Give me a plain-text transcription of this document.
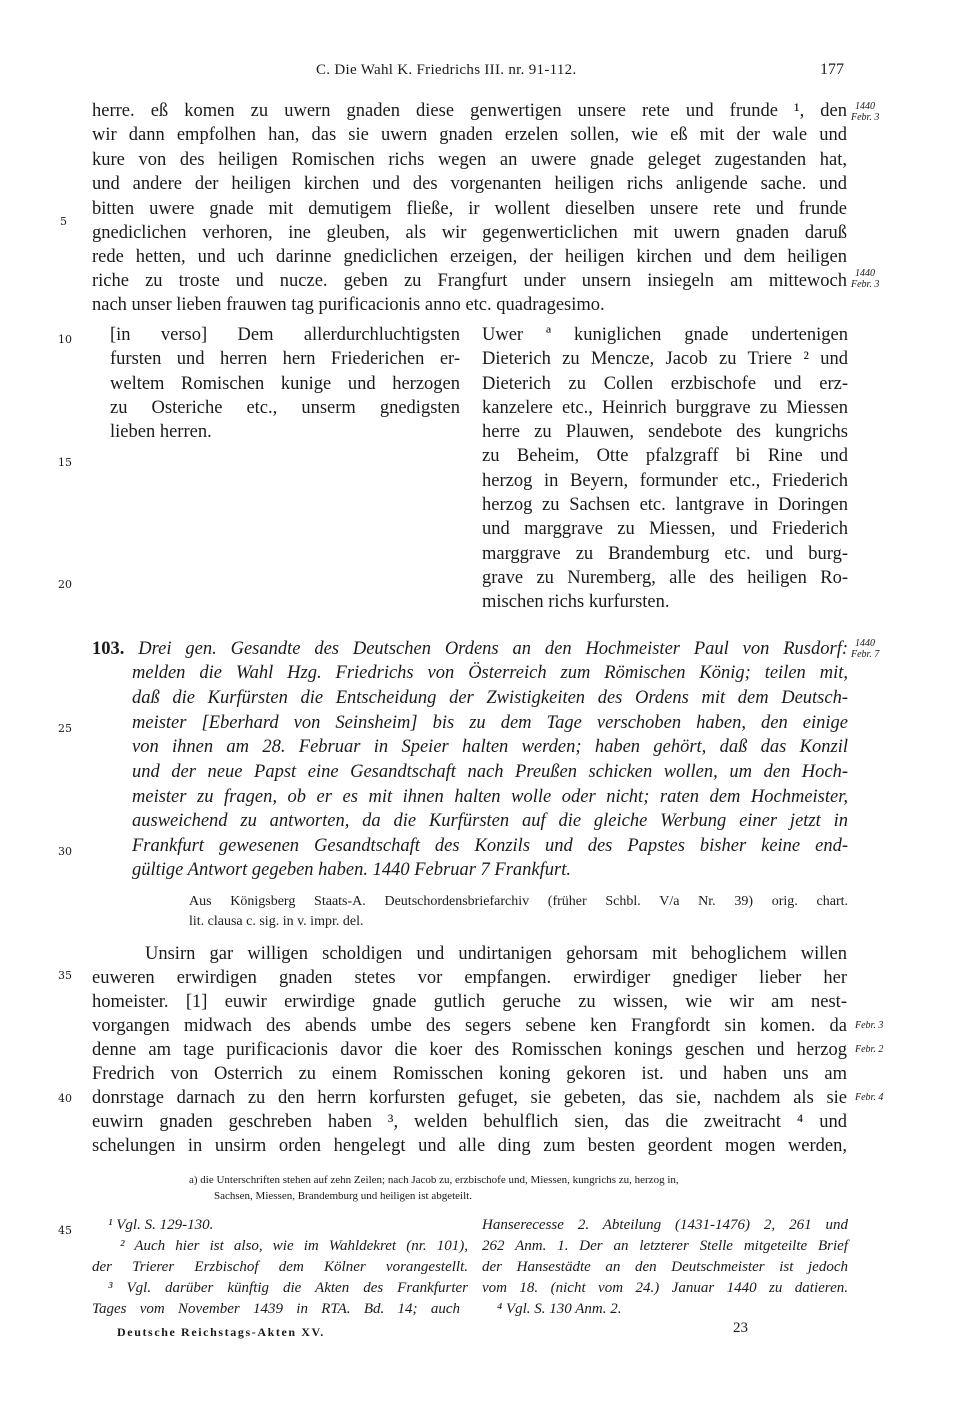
C. Die Wahl K. Friedrichs III. nr. 91-112.	177
1440
Febr. 3
1440
Febr. 3
1440
Febr. 7
Febr. 3
Febr. 2
Febr. 4
5
10
15
20
25
30
35
40
45
herre. eß komen zu uwern gnaden diese genwertigen unsere rete und frunde ¹, den
wir dann empfolhen han, das sie uwern gnaden erzelen sollen, wie eß mit der wale und
kure von des heiligen Romischen richs wegen an uwere gnade geleget zugestanden hat,
und andere der heiligen kirchen und des vorgenanten heiligen richs anligende sache. und
bitten uwere gnade mit demutigem fließe, ir wollent dieselben unsere rete und frunde
gnediclichen verhoren, ine gleuben, als wir gegenwerticlichen mit uwern gnaden daruß
rede hetten, und uch darinne gnediclichen erzeigen, der heiligen kirchen und dem heiligen
riche zu troste und nucze. geben zu Frangfurt under unsern insiegeln am mittewoch
nach unser lieben frauwen tag purificacionis anno etc. quadragesimo.
[in verso] Dem allerdurchluchtigsten
fursten und herren hern Friederichen er-
weltem Romischen kunige und herzogen
zu Osteriche etc., unserm gnedigsten
lieben herren.
Uwer ª kuniglichen gnade undertenigen
Dieterich zu Mencze, Jacob zu Triere ² und
Dieterich zu Collen erzbischofe und erz-
kanzelere etc., Heinrich burggrave zu Miessen
herre zu Plauwen, sendebote des kungrichs
zu Beheim, Otte pfalzgraff bi Rine und
herzog in Beyern, formunder etc., Friederich
herzog zu Sachsen etc. lantgrave in Doringen
und marggrave zu Miessen, und Friederich
marggrave zu Brandemburg etc. und burg-
grave zu Nuremberg, alle des heiligen Ro-
mischen richs kurfursten.
103. Drei gen. Gesandte des Deutschen Ordens an den Hochmeister Paul von Rusdorf:
melden die Wahl Hzg. Friedrichs von Österreich zum Römischen König; teilen mit,
daß die Kurfürsten die Entscheidung der Zwistigkeiten des Ordens mit dem Deutsch-
meister [Eberhard von Seinsheim] bis zu dem Tage verschoben haben, den einige
von ihnen am 28. Februar in Speier halten werden; haben gehört, daß das Konzil
und der neue Papst eine Gesandtschaft nach Preußen schicken wollen, um den Hoch-
meister zu fragen, ob er es mit ihnen halten wolle oder nicht; raten dem Hochmeister,
ausweichend zu antworten, da die Kurfürsten auf die gleiche Werbung einer jetzt in
Frankfurt gewesenen Gesandtschaft des Konzils und des Papstes bisher keine end-
gültige Antwort gegeben haben. 1440 Februar 7 Frankfurt.
Aus Königsberg Staats-A. Deutschordensbriefarchiv (früher Schbl. V/a Nr. 39) orig. chart.
lit. clausa c. sig. in v. impr. del.
Unsirn gar willigen scholdigen und undirtanigen gehorsam mit behoglichem willen
euweren erwirdigen gnaden stetes vor empfangen. erwirdiger gnediger lieber her
homeister. [1] euwir erwirdige gnade gutlich geruche zu wissen, wie wir am nest-
vorgangen midwach des abends umbe des segers sebene ken Frangfordt sin komen. da
denne am tage purificacionis davor die koer des Romisschen konings geschen und herzog
Fredrich von Osterrich zu einem Romisschen koning gekoren ist. und haben uns am
donrstage darnach zu den herrn korfursten gefuget, sie gebeten, das sie, nachdem als sie
euwirn gnaden geschreben haben ³, welden behulflich sien, das die zweitracht ⁴ und
schelungen in unsirm orden hengelegt und alle ding zum besten geordent mogen werden,
a) die Unterschriften stehen auf zehn Zeilen; nach Jacob zu, erzbischofe und, Miessen, kungrichs zu, herzog in,
Sachsen, Miessen, Brandemburg und heiligen ist abgeteilt.
¹ Vgl. S. 129-130.
² Auch hier ist also, wie im Wahldekret (nr. 101),
der Trierer Erzbischof dem Kölner vorangestellt.
³ Vgl. darüber künftig die Akten des Frankfurter
Tages vom November 1439 in RTA. Bd. 14; auch
Hanserecesse 2. Abteilung (1431-1476) 2, 261 und
262 Anm. 1. Der an letzterer Stelle mitgeteilte Brief
der Hansestädte an den Deutschmeister ist jedoch
vom 18. (nicht vom 24.) Januar 1440 zu datieren.
⁴ Vgl. S. 130 Anm. 2.
Deutsche Reichstags-Akten XV.	23
